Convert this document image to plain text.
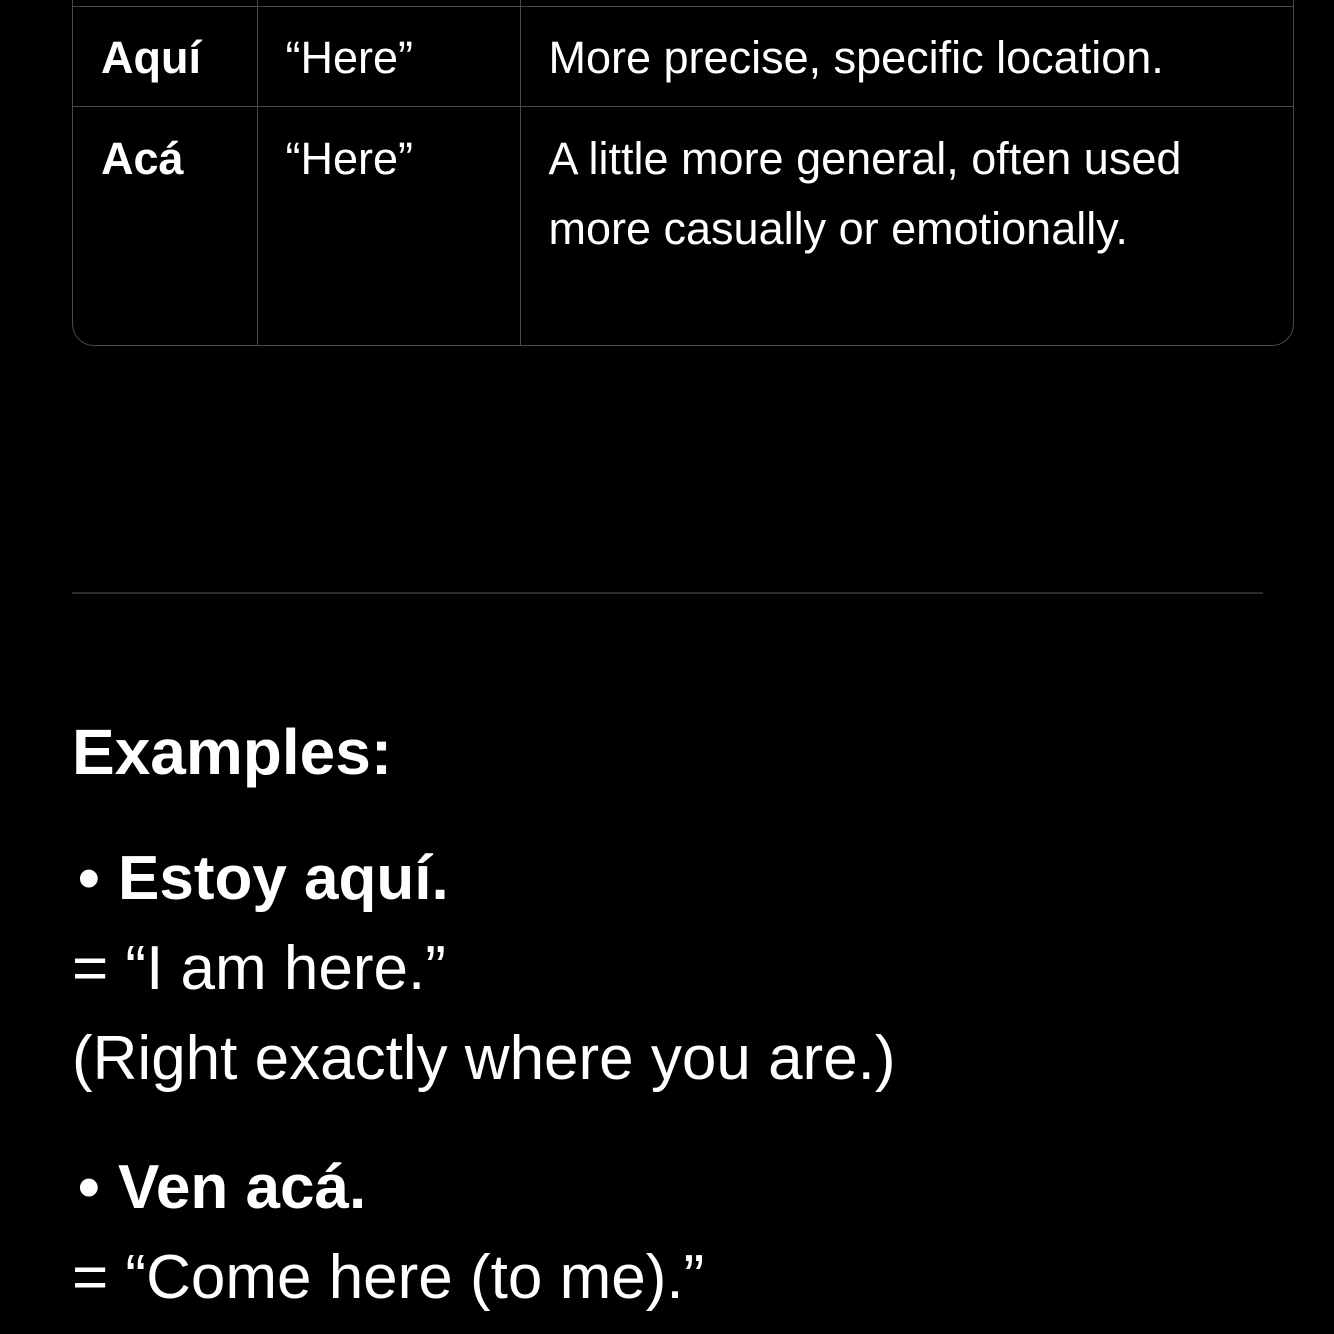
Aquí	“Here”	More precise, specific location.
Acá	“Here”	A little more general, often used more casually or emotionally.
Examples:
• Estoy aquí.
= “I am here.”
(Right exactly where you are.)
• Ven acá.
= “Come here (to me).”
